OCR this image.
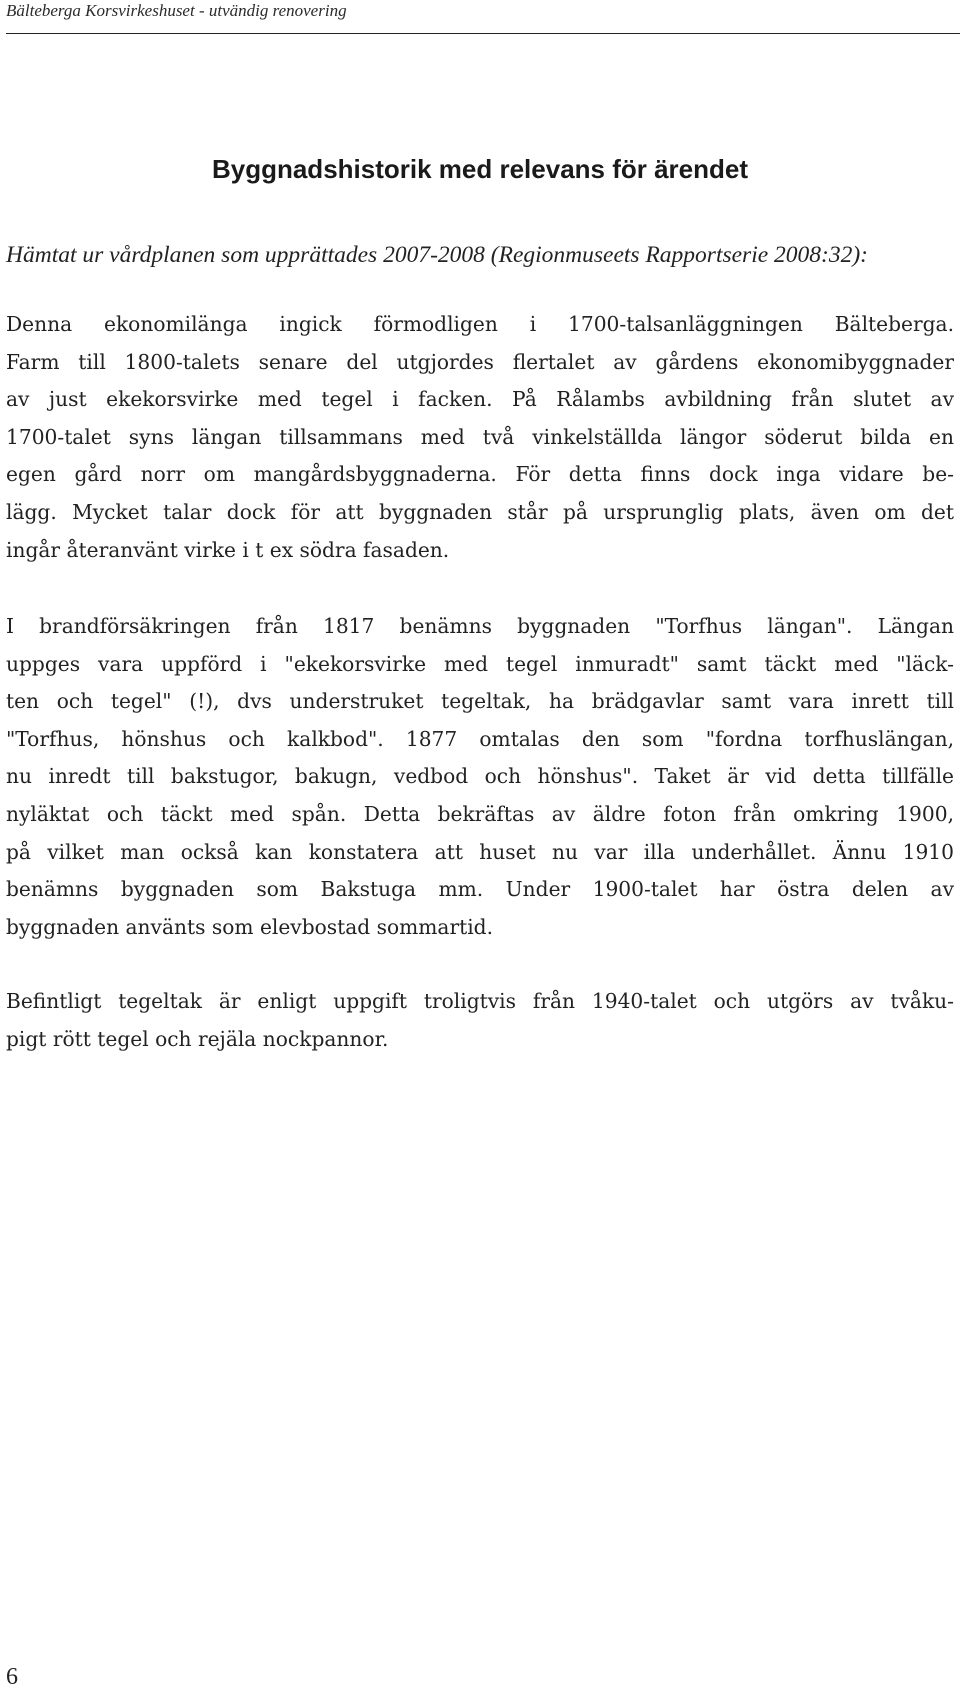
Bälteberga Korsvirkeshuset - utvändig renovering
Byggnadshistorik med relevans för ärendet

Hämtat ur vårdplanen som upprättades 2007-2008 (Regionmuseets Rapportserie 2008:32):

Denna ekonomilänga ingick förmodligen i 1700-talsanläggningen Bälteberga.
Farm till 1800-talets senare del utgjordes flertalet av gårdens ekonomibyggnader
av just ekekorsvirke med tegel i facken. På Rålambs avbildning från slutet av
1700-talet syns längan tillsammans med två vinkelställda längor söderut bilda en
egen gård norr om mangårdsbyggnaderna. För detta finns dock inga vidare be-
lägg. Mycket talar dock för att byggnaden står på ursprunglig plats, även om det
ingår återanvänt virke i t ex södra fasaden.
I brandförsäkringen från 1817 benämns byggnaden "Torfhus längan". Längan
uppges vara uppförd i "ekekorsvirke med tegel inmuradt" samt täckt med "läck-
ten och tegel" (!), dvs understruket tegeltak, ha brädgavlar samt vara inrett till
"Torfhus, hönshus och kalkbod". 1877 omtalas den som "fordna torfhuslängan,
nu inredt till bakstugor, bakugn, vedbod och hönshus". Taket är vid detta tillfälle
nyläktat och täckt med spån. Detta bekräftas av äldre foton från omkring 1900,
på vilket man också kan konstatera att huset nu var illa underhållet. Ännu 1910
benämns byggnaden som Bakstuga mm. Under 1900-talet har östra delen av
byggnaden använts som elevbostad sommartid.
Befintligt tegeltak är enligt uppgift troligtvis från 1940-talet och utgörs av tvåku-
pigt rött tegel och rejäla nockpannor.
6
